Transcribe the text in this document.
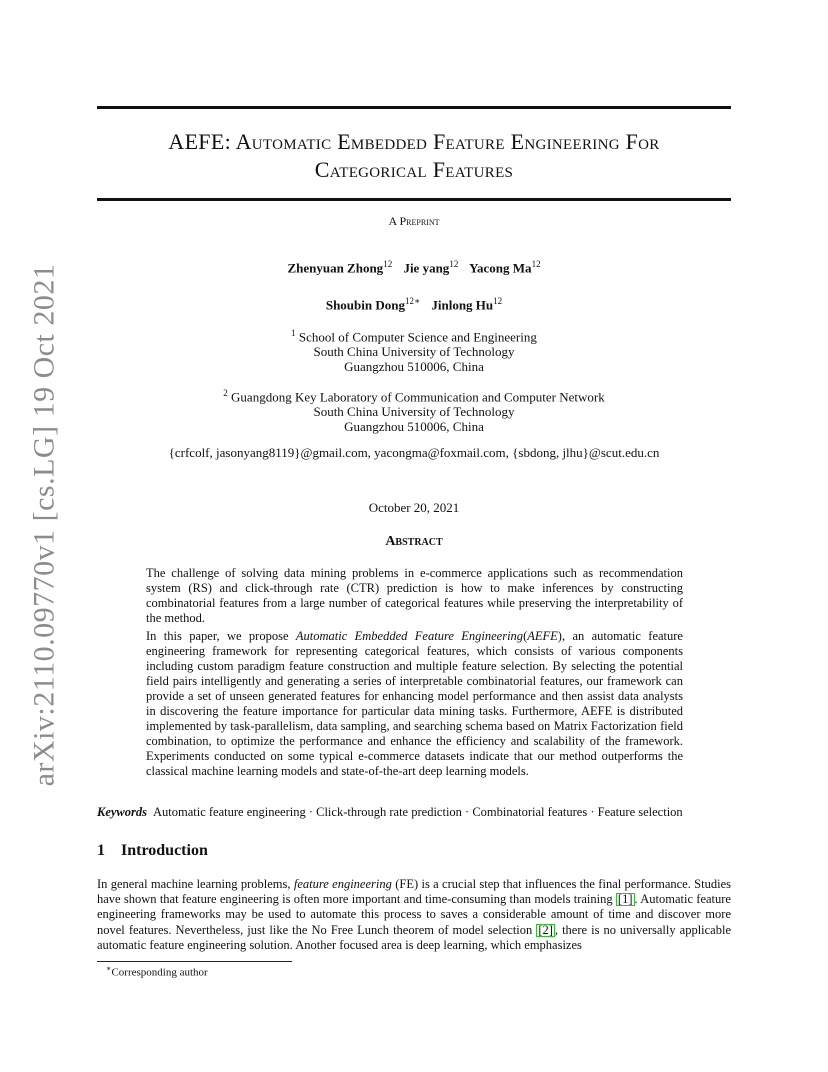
arXiv:2110.09770v1 [cs.LG] 19 Oct 2021
AEFE: Automatic Embedded Feature Engineering For
Categorical Features
A Preprint
Zhenyuan Zhong$^{12}$ Jie yang$^{12}$ Yacong Ma$^{12}$
Shoubin Dong$^{12∗}$ Jinlong Hu$^{12}$
$^1$ School of Computer Science and Engineering
South China University of Technology
Guangzhou 510006, China
$^2$ Guangdong Key Laboratory of Communication and Computer Network
South China University of Technology
Guangzhou 510006, China
{crfcolf, jasonyang8119}@gmail.com, yacongma@foxmail.com, {sbdong, jlhu}@scut.edu.cn
October 20, 2021
Abstract

The challenge of solving data mining problems in e-commerce applications such as recommendation system (RS) and click-through rate (CTR) prediction is how to make inferences by constructing combinatorial features from a large number of categorical features while preserving the interpretability of the method.

In this paper, we propose Automatic Embedded Feature Engineering(AEFE), an automatic feature engineering framework for representing categorical features, which consists of various components including custom paradigm feature construction and multiple feature selection. By selecting the potential field pairs intelligently and generating a series of interpretable combinatorial features, our framework can provide a set of unseen generated features for enhancing model performance and then assist data analysts in discovering the feature importance for particular data mining tasks. Furthermore, AEFE is distributed implemented by task-parallelism, data sampling, and searching schema based on Matrix Factorization field combination, to optimize the performance and enhance the efficiency and scalability of the framework. Experiments conducted on some typical e-commerce datasets indicate that our method outperforms the classical machine learning models and state-of-the-art deep learning models.

Keywords Automatic feature engineering · Click-through rate prediction · Combinatorial features · Feature selection
1 Introduction

In general machine learning problems, feature engineering (FE) is a crucial step that influences the final performance. Studies have shown that feature engineering is often more important and time-consuming than models training [1] . Automatic feature engineering frameworks may be used to automate this process to saves a considerable amount of time and discover more novel features. Nevertheless, just like the No Free Lunch theorem of model selection [2] , there is no universally applicable automatic feature engineering solution. Another focused area is deep learning, which emphasizes

∗Corresponding author
